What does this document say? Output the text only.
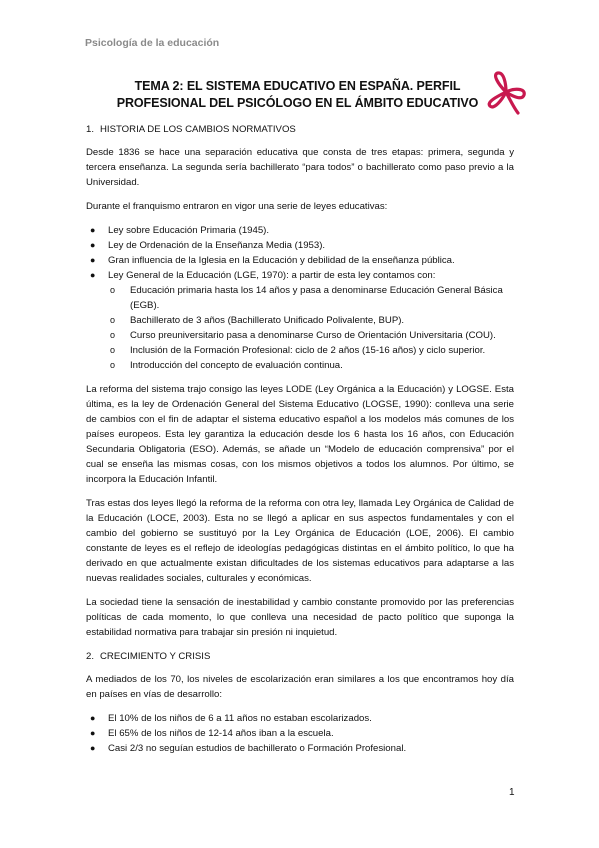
Psicología de la educación
TEMA 2: EL SISTEMA EDUCATIVO EN ESPAÑA. PERFIL
PROFESIONAL DEL PSICÓLOGO EN EL ÁMBITO EDUCATIVO
1. HISTORIA DE LOS CAMBIOS NORMATIVOS

Desde 1836 se hace una separación educativa que consta de tres etapas: primera, segunda y tercera enseñanza. La segunda sería bachillerato “para todos” o bachillerato como paso previo a la Universidad.

Durante el franquismo entraron en vigor una serie de leyes educativas:

● Ley sobre Educación Primaria (1945).
● Ley de Ordenación de la Enseñanza Media (1953).
● Gran influencia de la Iglesia en la Educación y debilidad de la enseñanza pública.
● Ley General de la Educación (LGE, 1970): a partir de esta ley contamos con:
o Educación primaria hasta los 14 años y pasa a denominarse Educación General Básica (EGB).
o Bachillerato de 3 años (Bachillerato Unificado Polivalente, BUP).
o Curso preuniversitario pasa a denominarse Curso de Orientación Universitaria (COU).
o Inclusión de la Formación Profesional: ciclo de 2 años (15-16 años) y ciclo superior.
o Introducción del concepto de evaluación continua.

La reforma del sistema trajo consigo las leyes LODE (Ley Orgánica a la Educación) y LOGSE. Esta última, es la ley de Ordenación General del Sistema Educativo (LOGSE, 1990): conlleva una serie de cambios con el fin de adaptar el sistema educativo español a los modelos más comunes de los países europeos. Esta ley garantiza la educación desde los 6 hasta los 16 años, con Educación Secundaria Obligatoria (ESO). Además, se añade un “Modelo de educación comprensiva” por el cual se enseña las mismas cosas, con los mismos objetivos a todos los alumnos. Por último, se incorpora la Educación Infantil.

Tras estas dos leyes llegó la reforma de la reforma con otra ley, llamada Ley Orgánica de Calidad de la Educación (LOCE, 2003). Esta no se llegó a aplicar en sus aspectos fundamentales y con el cambio del gobierno se sustituyó por la Ley Orgánica de Educación (LOE, 2006). El cambio constante de leyes es el reflejo de ideologías pedagógicas distintas en el ámbito político, lo que ha derivado en que actualmente existan dificultades de los sistemas educativos para adaptarse a las nuevas realidades sociales, culturales y económicas.

La sociedad tiene la sensación de inestabilidad y cambio constante promovido por las preferencias políticas de cada momento, lo que conlleva una necesidad de pacto político que suponga la estabilidad normativa para trabajar sin presión ni inquietud.

2. CRECIMIENTO Y CRISIS

A mediados de los 70, los niveles de escolarización eran similares a los que encontramos hoy día en países en vías de desarrollo:

● El 10% de los niños de 6 a 11 años no estaban escolarizados.
● El 65% de los niños de 12-14 años iban a la escuela.
● Casi 2/3 no seguían estudios de bachillerato o Formación Profesional.
1
